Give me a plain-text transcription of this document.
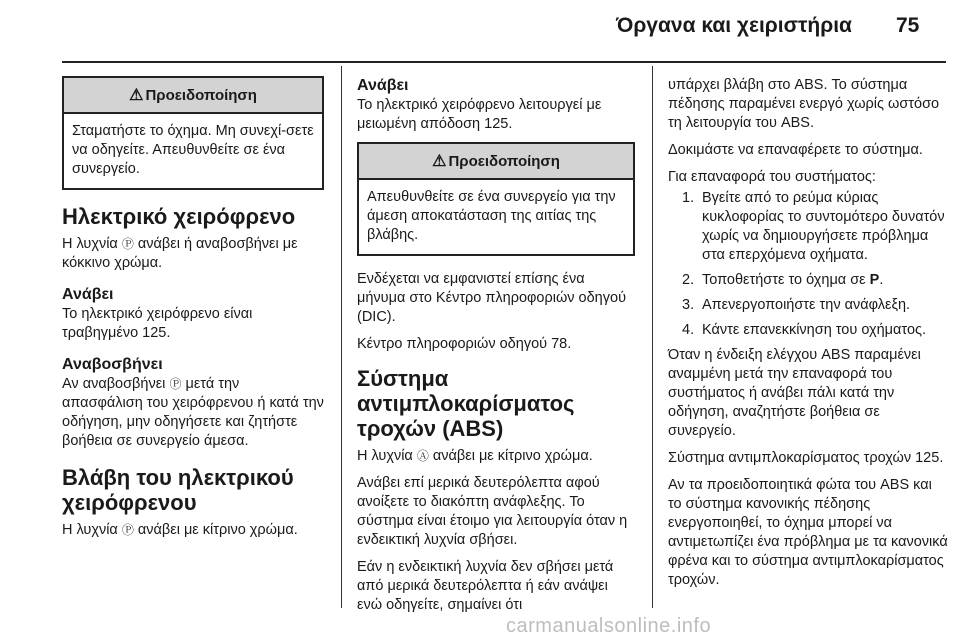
Όργανα και χειριστήρια 75
⚠ Προειδοποίηση
Σταματήστε το όχημα. Μη συνεχί-σετε να οδηγείτε. Απευθυνθείτε σε ένα συνεργείο.
Ηλεκτρικό χειρόφρενο

Η λυχνία Ⓟ ανάβει ή αναβοσβήνει με κόκκινο χρώμα.

Ανάβει

Το ηλεκτρικό χειρόφρενο είναι τραβηγμένο 125.

Αναβοσβήνει

Αν αναβοσβήνει Ⓟ μετά την απασφάλιση του χειρόφρενου ή κατά την οδήγηση, μην οδηγήσετε και ζητήστε βοήθεια σε συνεργείο άμεσα.

Βλάβη του ηλεκτρικού χειρόφρενου

Η λυχνία Ⓟ ανάβει με κίτρινο χρώμα.

Ανάβει

Το ηλεκτρικό χειρόφρενο λειτουργεί με μειωμένη απόδοση 125.

⚠ Προειδοποίηση
Απευθυνθείτε σε ένα συνεργείο για την άμεση αποκατάσταση της αιτίας της βλάβης.

Ενδέχεται να εμφανιστεί επίσης ένα μήνυμα στο Κέντρο πληροφοριών οδηγού (DIC).

Κέντρο πληροφοριών οδηγού 78.

Σύστημα αντιμπλοκαρίσματος τροχών (ABS)

Η λυχνία Ⓐ ανάβει με κίτρινο χρώμα.

Ανάβει επί μερικά δευτερόλεπτα αφού ανοίξετε το διακόπτη ανάφλεξης. Το σύστημα είναι έτοιμο για λειτουργία όταν η ενδεικτική λυχνία σβήσει.

Εάν η ενδεικτική λυχνία δεν σβήσει μετά από μερικά δευτερόλεπτα ή εάν ανάψει ενώ οδηγείτε, σημαίνει ότι

υπάρχει βλάβη στο ABS. Το σύστημα πέδησης παραμένει ενεργό χωρίς ωστόσο τη λειτουργία του ABS.

Δοκιμάστε να επαναφέρετε το σύστημα.

Για επαναφορά του συστήματος:

1. Βγείτε από το ρεύμα κύριας κυκλοφορίας το συντομότερο δυνατόν χωρίς να δημιουργήσετε πρόβλημα στα επερχόμενα οχήματα.
2. Τοποθετήστε το όχημα σε P.
3. Απενεργοποιήστε την ανάφλεξη.
4. Κάντε επανεκκίνηση του οχήματος.

Όταν η ένδειξη ελέγχου ABS παραμένει αναμμένη μετά την επαναφορά του συστήματος ή ανάβει πάλι κατά την οδήγηση, αναζητήστε βοήθεια σε συνεργείο.

Σύστημα αντιμπλοκαρίσματος τροχών 125.

Αν τα προειδοποιητικά φώτα του ABS και το σύστημα κανονικής πέδησης ενεργοποιηθεί, το όχημα μπορεί να αντιμετωπίζει ένα πρόβλημα με τα κανονικά φρένα και το σύστημα αντιμπλοκαρίσματος τροχών.

carmanualsonline.info
